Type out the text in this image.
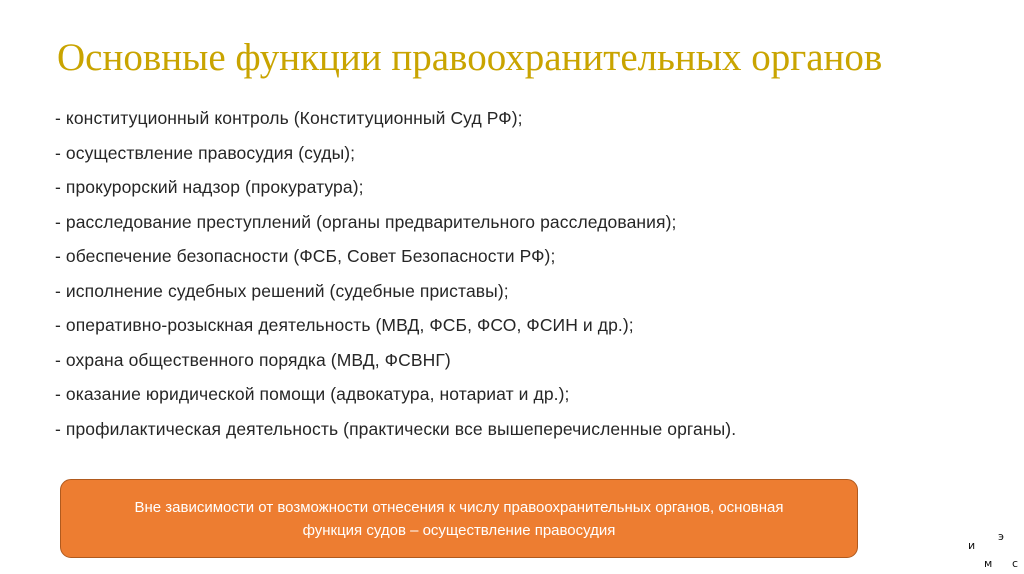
Основные функции правоохранительных органов
- конституционный контроль (Конституционный Суд РФ);
- осуществление правосудия (суды);
- прокурорский надзор (прокуратура);
- расследование преступлений (органы предварительного расследования);
- обеспечение безопасности (ФСБ, Совет Безопасности РФ);
- исполнение судебных решений (судебные приставы);
- оперативно-розыскная деятельность (МВД, ФСБ, ФСО, ФСИН и др.);
- охрана общественного порядка (МВД, ФСВНГ)
- оказание юридической помощи (адвокатура, нотариат и др.);
- профилактическая деятельность (практически все вышеперечисленные органы).
Вне зависимости от возможности отнесения к числу правоохранительных органов, основная
функция судов – осуществление правосудия
и
э
м с
